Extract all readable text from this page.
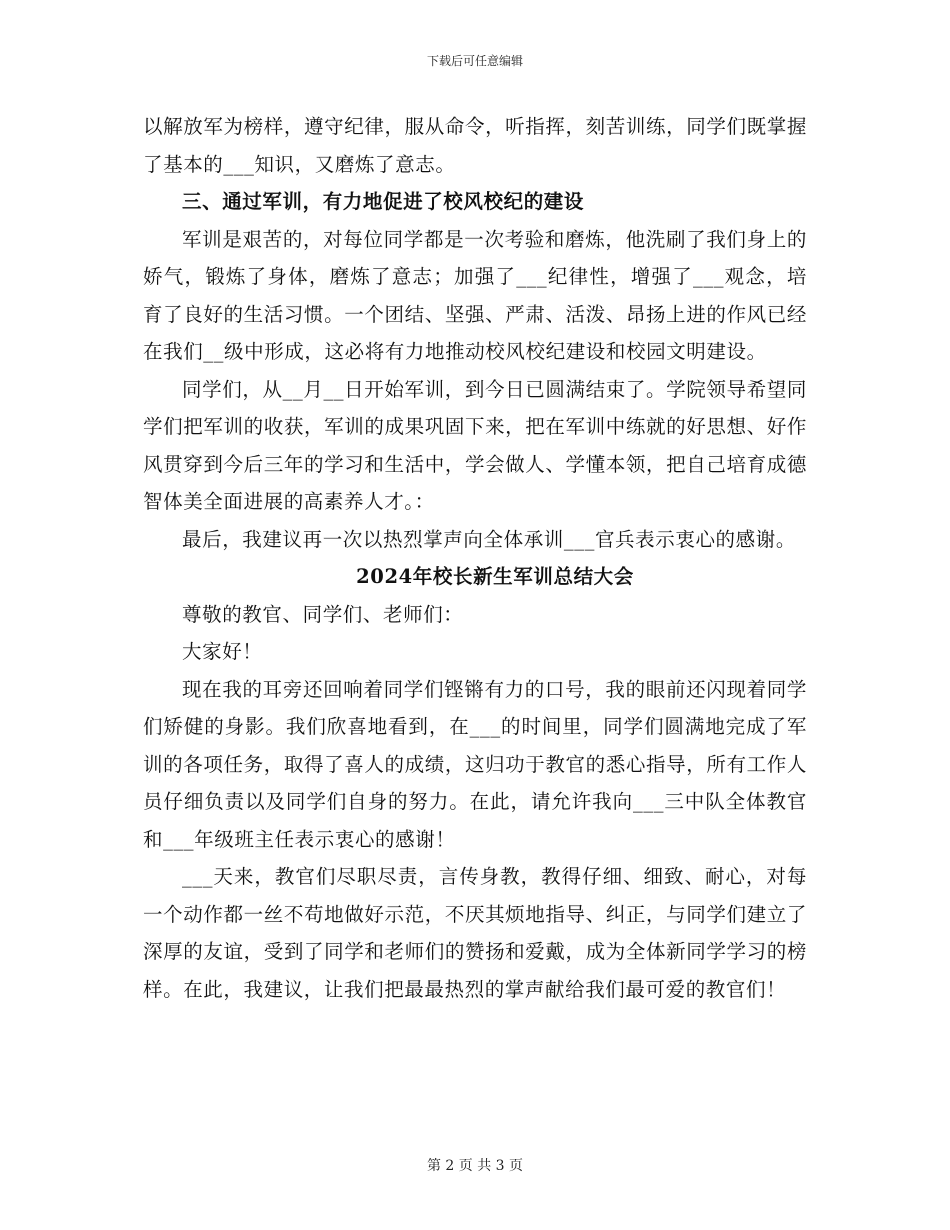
下载后可任意编辑

以解放军为榜样，遵守纪律，服从命令，听指挥，刻苦训练，同学们既掌握了基本的___知识，又磨炼了意志。

三、通过军训，有力地促进了校风校纪的建设

军训是艰苦的，对每位同学都是一次考验和磨炼，他洗刷了我们身上的娇气，锻炼了身体，磨炼了意志；加强了___纪律性，增强了___观念，培育了良好的生活习惯。一个团结、坚强、严肃、活泼、昂扬上进的作风已经在我们__级中形成，这必将有力地推动校风校纪建设和校园文明建设。

同学们，从__月__日开始军训，到今日已圆满结束了。学院领导希望同学们把军训的收获，军训的成果巩固下来，把在军训中练就的好思想、好作风贯穿到今后三年的学习和生活中，学会做人、学懂本领，把自己培育成德智体美全面进展的高素养人才。：

最后，我建议再一次以热烈掌声向全体承训___官兵表示衷心的感谢。

2024年校长新生军训总结大会

尊敬的教官、同学们、老师们：

大家好！

现在我的耳旁还回响着同学们铿锵有力的口号，我的眼前还闪现着同学们矫健的身影。我们欣喜地看到，在___的时间里，同学们圆满地完成了军训的各项任务，取得了喜人的成绩，这归功于教官的悉心指导，所有工作人员仔细负责以及同学们自身的努力。在此，请允许我向___三中队全体教官和___年级班主任表示衷心的感谢！

___天来，教官们尽职尽责，言传身教，教得仔细、细致、耐心，对每一个动作都一丝不苟地做好示范，不厌其烦地指导、纠正，与同学们建立了深厚的友谊，受到了同学和老师们的赞扬和爱戴，成为全体新同学学习的榜样。在此，我建议，让我们把最最热烈的掌声献给我们最可爱的教官们！

第 2 页 共 3 页
